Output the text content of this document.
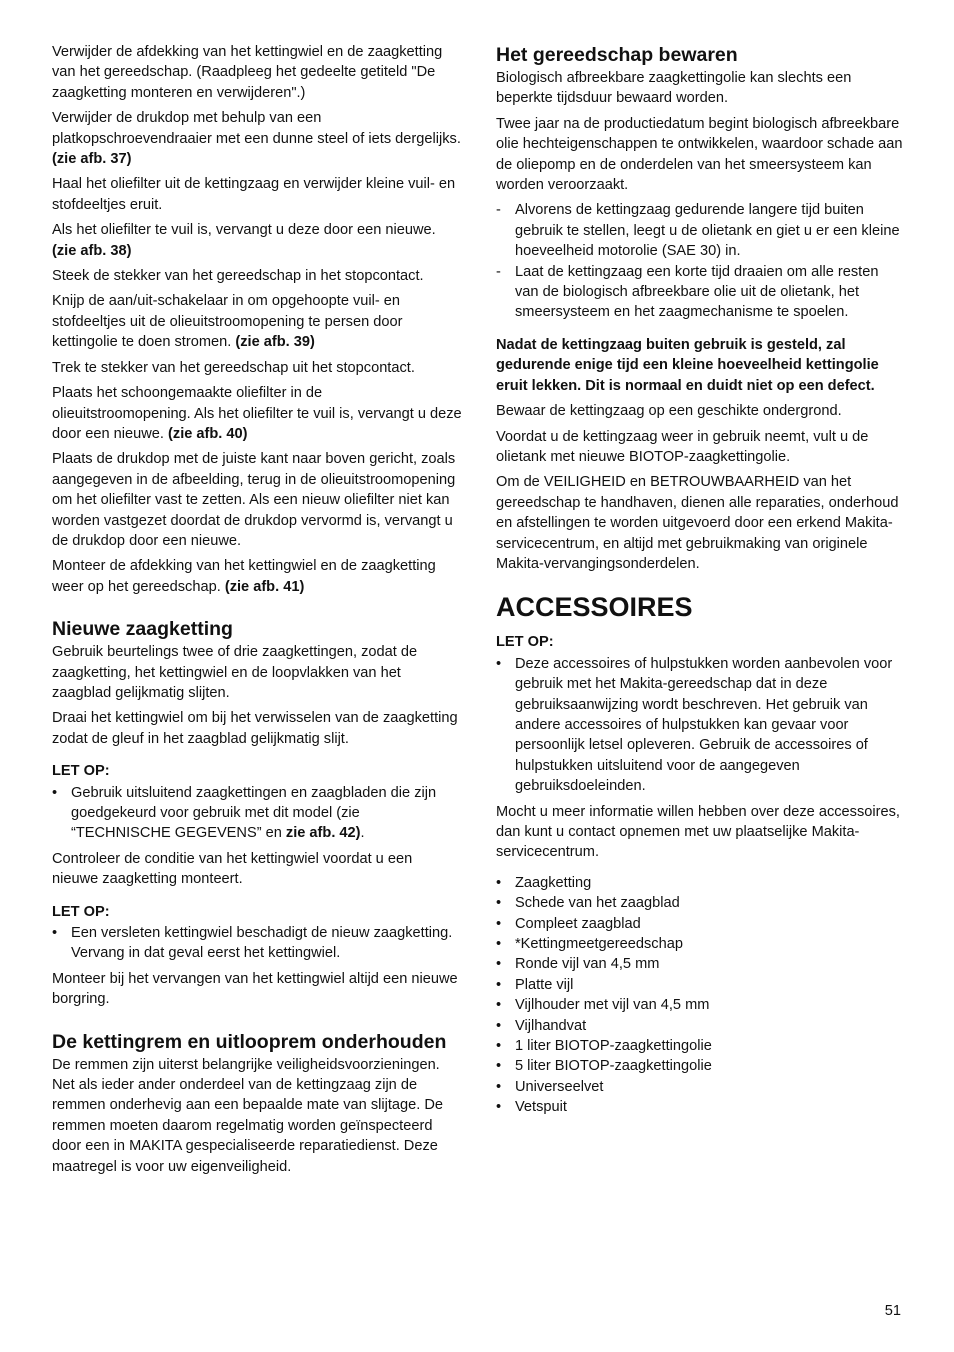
Verwijder de afdekking van het kettingwiel en de zaagketting van het gereedschap. (Raadpleeg het gedeelte getiteld "De zaagketting monteren en verwijderen".)

Verwijder de drukdop met behulp van een platkopschroevendraaier met een dunne steel of iets dergelijks. (zie afb. 37)

Haal het oliefilter uit de kettingzaag en verwijder kleine vuil- en stofdeeltjes eruit.

Als het oliefilter te vuil is, vervangt u deze door een nieuwe. (zie afb. 38)

Steek de stekker van het gereedschap in het stopcontact.

Knijp de aan/uit-schakelaar in om opgehoopte vuil- en stofdeeltjes uit de olieuitstroomopening te persen door kettingolie te doen stromen. (zie afb. 39)

Trek te stekker van het gereedschap uit het stopcontact.

Plaats het schoongemaakte oliefilter in de olieuitstroomopening. Als het oliefilter te vuil is, vervangt u deze door een nieuwe. (zie afb. 40)

Plaats de drukdop met de juiste kant naar boven gericht, zoals aangegeven in de afbeelding, terug in de olieuitstroomopening om het oliefilter vast te zetten. Als een nieuw oliefilter niet kan worden vastgezet doordat de drukdop vervormd is, vervangt u de drukdop door een nieuwe.

Monteer de afdekking van het kettingwiel en de zaagketting weer op het gereedschap. (zie afb. 41)

Nieuwe zaagketting

Gebruik beurtelings twee of drie zaagkettingen, zodat de zaagketting, het kettingwiel en de loopvlakken van het zaagblad gelijkmatig slijten.

Draai het kettingwiel om bij het verwisselen van de zaagketting zodat de gleuf in het zaagblad gelijkmatig slijt.

LET OP:

• Gebruik uitsluitend zaagkettingen en zaagbladen die zijn goedgekeurd voor gebruik met dit model (zie “TECHNISCHE GEGEVENS” en zie afb. 42).

Controleer de conditie van het kettingwiel voordat u een nieuwe zaagketting monteert.

LET OP:

• Een versleten kettingwiel beschadigt de nieuw zaagketting. Vervang in dat geval eerst het kettingwiel.

Monteer bij het vervangen van het kettingwiel altijd een nieuwe borgring.

De kettingrem en uitlooprem onderhouden

De remmen zijn uiterst belangrijke veiligheidsvoorzieningen. Net als ieder ander onderdeel van de kettingzaag zijn de remmen onderhevig aan een bepaalde mate van slijtage. De remmen moeten daarom regelmatig worden geïnspecteerd door een in MAKITA gespecialiseerde reparatiedienst. Deze maatregel is voor uw eigenveiligheid.

Het gereedschap bewaren

Biologisch afbreekbare zaagkettingolie kan slechts een beperkte tijdsduur bewaard worden.

Twee jaar na de productiedatum begint biologisch afbreekbare olie hechteigenschappen te ontwikkelen, waardoor schade aan de oliepomp en de onderdelen van het smeersysteem kan worden veroorzaakt.

- Alvorens de kettingzaag gedurende langere tijd buiten gebruik te stellen, leegt u de olietank en giet u er een kleine hoeveelheid motorolie (SAE 30) in.
- Laat de kettingzaag een korte tijd draaien om alle resten van de biologisch afbreekbare olie uit de olietank, het smeersysteem en het zaagmechanisme te spoelen.

Nadat de kettingzaag buiten gebruik is gesteld, zal gedurende enige tijd een kleine hoeveelheid kettingolie eruit lekken. Dit is normaal en duidt niet op een defect.

Bewaar de kettingzaag op een geschikte ondergrond.

Voordat u de kettingzaag weer in gebruik neemt, vult u de olietank met nieuwe BIOTOP-zaagkettingolie.

Om de VEILIGHEID en BETROUWBAARHEID van het gereedschap te handhaven, dienen alle reparaties, onderhoud en afstellingen te worden uitgevoerd door een erkend Makita-servicecentrum, en altijd met gebruikmaking van originele Makita-vervangingsonderdelen.

ACCESSOIRES

LET OP:

• Deze accessoires of hulpstukken worden aanbevolen voor gebruik met het Makita-gereedschap dat in deze gebruiksaanwijzing wordt beschreven. Het gebruik van andere accessoires of hulpstukken kan gevaar voor persoonlijk letsel opleveren. Gebruik de accessoires of hulpstukken uitsluitend voor de aangegeven gebruiksdoeleinden.

Mocht u meer informatie willen hebben over deze accessoires, dan kunt u contact opnemen met uw plaatselijke Makita-servicecentrum.

• Zaagketting
• Schede van het zaagblad
• Compleet zaagblad
• *Kettingmeetgereedschap
• Ronde vijl van 4,5 mm
• Platte vijl
• Vijlhouder met vijl van 4,5 mm
• Vijlhandvat
• 1 liter BIOTOP-zaagkettingolie
• 5 liter BIOTOP-zaagkettingolie
• Universeelvet
• Vetspuit
51
